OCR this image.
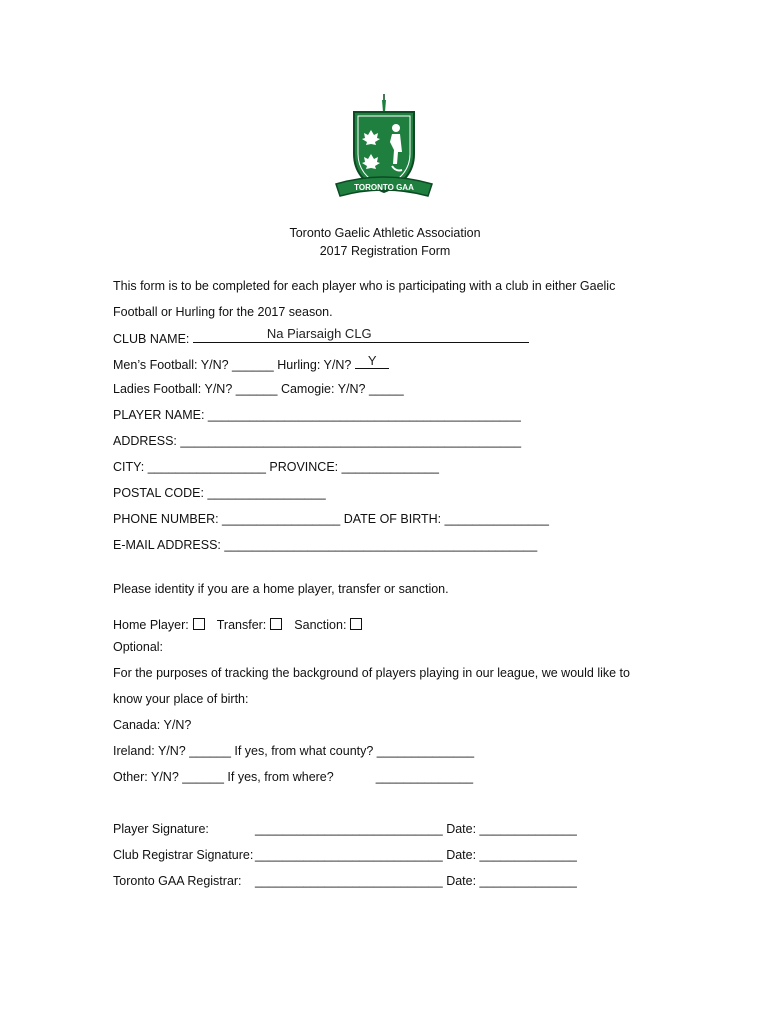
TORONTO GAA
Toronto Gaelic Athletic Association
2017 Registration Form
This form is to be completed for each player who is participating with a club in either Gaelic
Football or Hurling for the 2017 season.
CLUB NAME:	Na Piarsaigh CLG
Men’s Football: Y/N? ______ Hurling: Y/N? Y
Ladies Football: Y/N? ______ Camogie: Y/N? _____
PLAYER NAME: _____________________________________________
ADDRESS: _________________________________________________
CITY: _________________ PROVINCE: ______________
POSTAL CODE: _________________
PHONE NUMBER: _________________ DATE OF BIRTH: _______________
E-MAIL ADDRESS: _____________________________________________
Please identity if you are a home player, transfer or sanction.
Home Player: Transfer: Sanction:
Optional:
For the purposes of tracking the background of players playing in our league, we would like to
know your place of birth:
Canada: Y/N?
Ireland: Y/N? ______ If yes, from what county? ______________
Other: Y/N? ______ If yes, from where?	______________
Player Signature:	___________________________ Date: ______________
Club Registrar Signature: ___________________________ Date: ______________
Toronto GAA Registrar: ___________________________ Date: ______________
